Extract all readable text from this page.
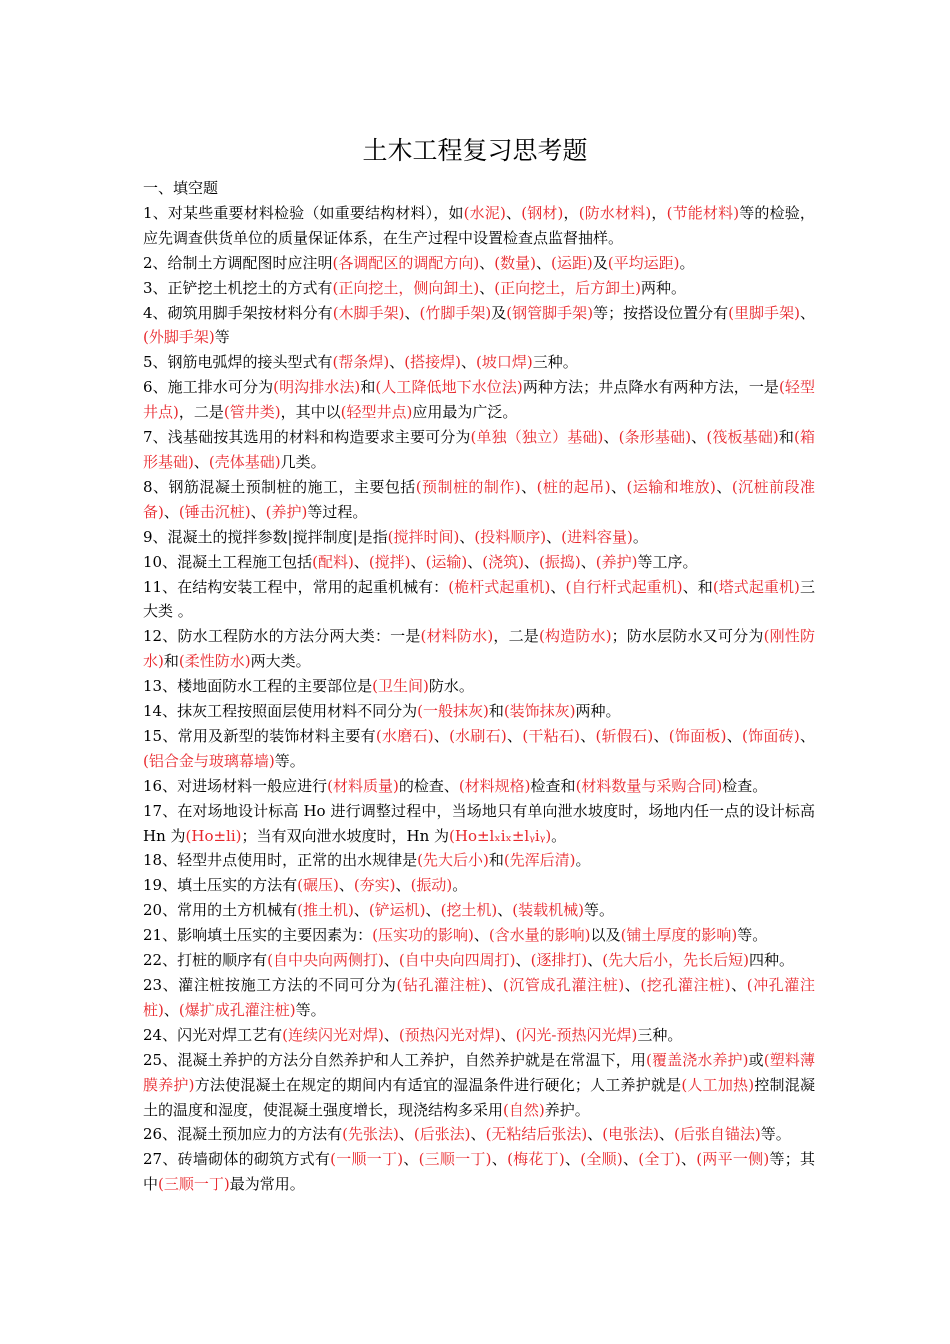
土木工程复习思考题

一、填空题

1、对某些重要材料检验（如重要结构材料），如(水泥)、(钢材)，(防水材料)，(节能材料)等的检验，应先调查供货单位的质量保证体系，在生产过程中设置检查点监督抽样。

2、给制土方调配图时应注明(各调配区的调配方向)、(数量)、(运距)及(平均运距)。

3、正铲挖土机挖土的方式有(正向挖土，侧向卸土)、(正向挖土，后方卸土)两种。

4、砌筑用脚手架按材料分有(木脚手架)、(竹脚手架)及(钢管脚手架)等；按搭设位置分有(里脚手架)、(外脚手架)等

5、钢筋电弧焊的接头型式有(帮条焊)、(搭接焊)、(坡口焊)三种。

6、施工排水可分为(明沟排水法)和(人工降低地下水位法)两种方法；井点降水有两种方法，一是(轻型井点)，二是(管井类)，其中以(轻型井点)应用最为广泛。

7、浅基础按其选用的材料和构造要求主要可分为(单独（独立）基础)、(条形基础)、(筏板基础)和(箱形基础)、(壳体基础)几类。

8、钢筋混凝土预制桩的施工，主要包括(预制桩的制作)、(桩的起吊)、(运输和堆放)、(沉桩前段准备)、(锤击沉桩)、(养护)等过程。

9、混凝土的搅拌参数|搅拌制度|是指(搅拌时间)、(投料顺序)、(进料容量)。

10、混凝土工程施工包括(配料)、(搅拌)、(运输)、(浇筑)、(振捣)、(养护)等工序。

11、在结构安装工程中，常用的起重机械有：(桅杆式起重机)、(自行杆式起重机)、和(塔式起重机)三大类 。

12、防水工程防水的方法分两大类：一是(材料防水)，二是(构造防水)；防水层防水又可分为(刚性防水)和(柔性防水)两大类。

13、楼地面防水工程的主要部位是(卫生间)防水。

14、抹灰工程按照面层使用材料不同分为(一般抹灰)和(装饰抹灰)两种。

15、常用及新型的装饰材料主要有(水磨石)、(水刷石)、(干粘石)、(斩假石)、(饰面板)、(饰面砖)、(铝合金与玻璃幕墙)等。

16、对进场材料一般应进行(材料质量)的检查、(材料规格)检查和(材料数量与采购合同)检查。

17、在对场地设计标高 Ho 进行调整过程中，当场地只有单向泄水坡度时，场地内任一点的设计标高 Hn 为(Ho±li)；当有双向泄水坡度时，Hn 为(Ho±lₓiₓ±lᵧiᵧ)。

18、轻型井点使用时，正常的出水规律是(先大后小)和(先浑后清)。

19、填土压实的方法有(碾压)、(夯实)、(振动)。

20、常用的土方机械有(推土机)、(铲运机)、(挖土机)、(装载机械)等。

21、影响填土压实的主要因素为：(压实功的影响)、(含水量的影响)以及(铺土厚度的影响)等。

22、打桩的顺序有(自中央向两侧打)、(自中央向四周打)、(逐排打)、(先大后小，先长后短)四种。

23、灌注桩按施工方法的不同可分为(钻孔灌注桩)、(沉管成孔灌注桩)、(挖孔灌注桩)、(冲孔灌注桩)、(爆扩成孔灌注桩)等。

24、闪光对焊工艺有(连续闪光对焊)、(预热闪光对焊)、(闪光-预热闪光焊)三种。

25、混凝土养护的方法分自然养护和人工养护，自然养护就是在常温下，用(覆盖浇水养护)或(塑料薄膜养护)方法使混凝土在规定的期间内有适宜的湿温条件进行硬化；人工养护就是(人工加热)控制混凝土的温度和湿度，使混凝土强度增长，现浇结构多采用(自然)养护。

26、混凝土预加应力的方法有(先张法)、(后张法)、(无粘结后张法)、(电张法)、(后张自锚法)等。

27、砖墙砌体的砌筑方式有(一顺一丁)、(三顺一丁)、(梅花丁)、(全顺)、(全丁)、(两平一侧)等；其中(三顺一丁)最为常用。
